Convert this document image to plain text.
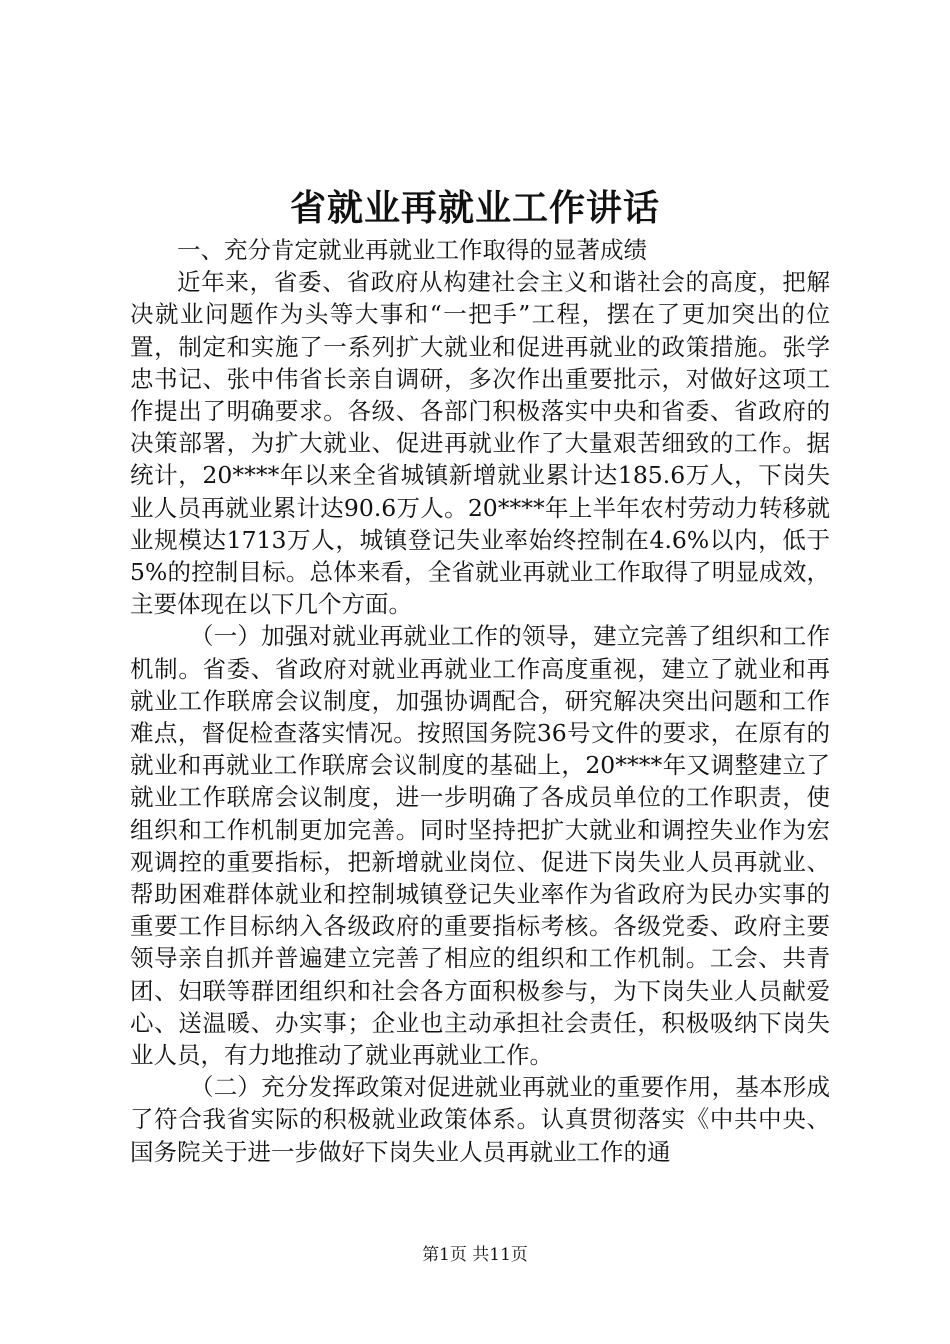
省就业再就业工作讲话

一、充分肯定就业再就业工作取得的显著成绩

近年来，省委、省政府从构建社会主义和谐社会的高度，把解决就业问题作为头等大事和“一把手”工程，摆在了更加突出的位置，制定和实施了一系列扩大就业和促进再就业的政策措施。张学忠书记、张中伟省长亲自调研，多次作出重要批示，对做好这项工作提出了明确要求。各级、各部门积极落实中央和省委、省政府的决策部署，为扩大就业、促进再就业作了大量艰苦细致的工作。据统计，20****年以来全省城镇新增就业累计达185.6万人，下岗失业人员再就业累计达90.6万人。20****年上半年农村劳动力转移就业规模达1713万人，城镇登记失业率始终控制在4.6%以内，低于5%的控制目标。总体来看，全省就业再就业工作取得了明显成效，主要体现在以下几个方面。

（一）加强对就业再就业工作的领导，建立完善了组织和工作机制。省委、省政府对就业再就业工作高度重视，建立了就业和再就业工作联席会议制度，加强协调配合，研究解决突出问题和工作难点，督促检查落实情况。按照国务院36号文件的要求，在原有的就业和再就业工作联席会议制度的基础上，20****年又调整建立了就业工作联席会议制度，进一步明确了各成员单位的工作职责，使组织和工作机制更加完善。同时坚持把扩大就业和调控失业作为宏观调控的重要指标，把新增就业岗位、促进下岗失业人员再就业、帮助困难群体就业和控制城镇登记失业率作为省政府为民办实事的重要工作目标纳入各级政府的重要指标考核。各级党委、政府主要领导亲自抓并普遍建立完善了相应的组织和工作机制。工会、共青团、妇联等群团组织和社会各方面积极参与，为下岗失业人员献爱心、送温暖、办实事；企业也主动承担社会责任，积极吸纳下岗失业人员，有力地推动了就业再就业工作。

（二）充分发挥政策对促进就业再就业的重要作用，基本形成了符合我省实际的积极就业政策体系。认真贯彻落实《中共中央、国务院关于进一步做好下岗失业人员再就业工作的通

第1页 共11页
